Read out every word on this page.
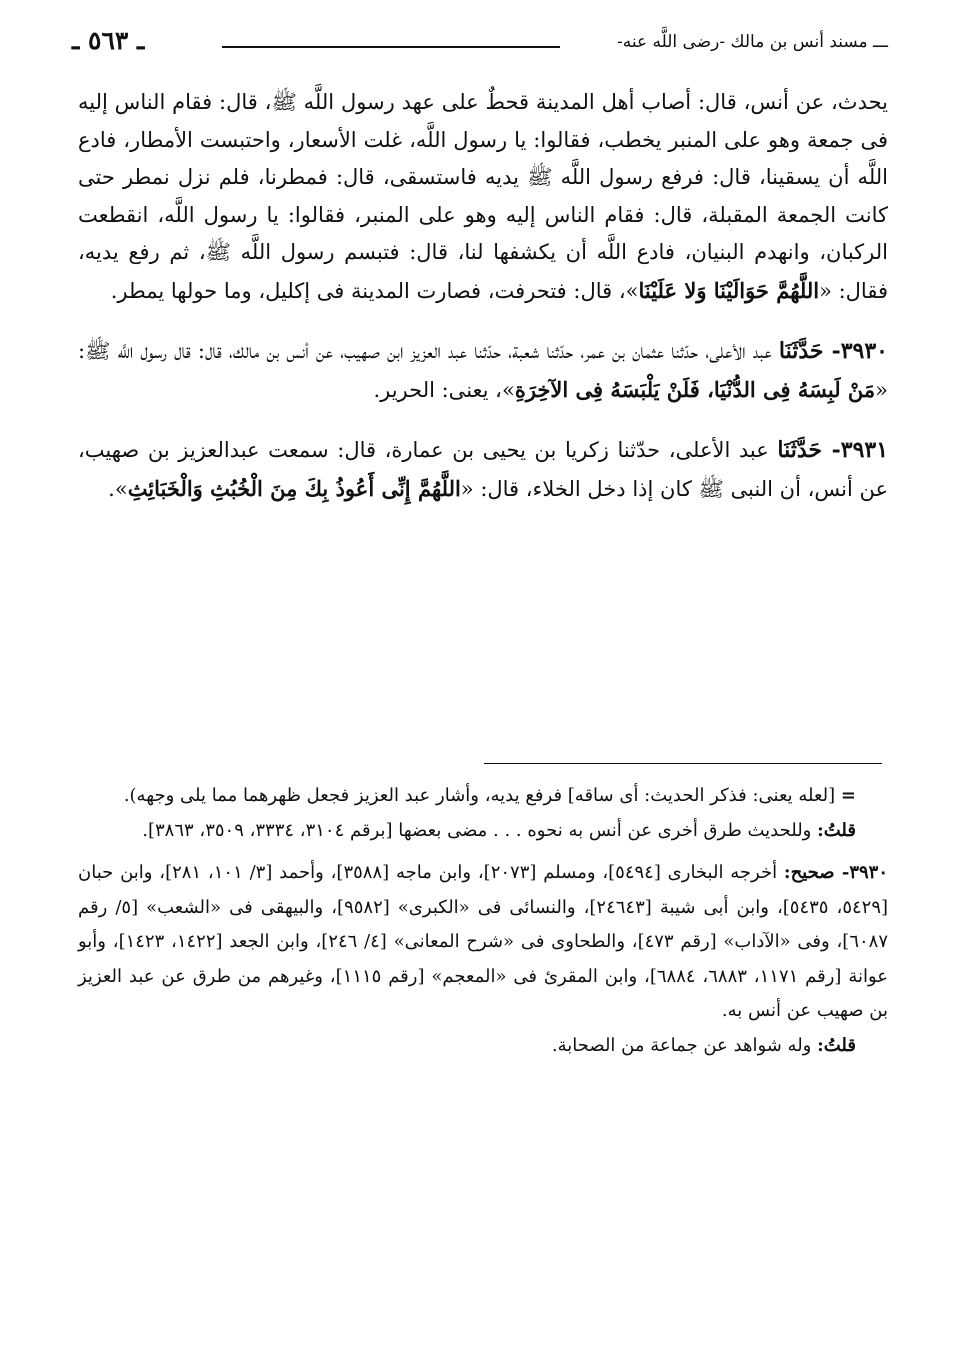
ـــ مسند أنس بن مالك -رضى اللَّه عنه-
ـ ٥٦٣ ـ

يحدث، عن أنس، قال: أصاب أهل المدينة قحطٌ على عهد رسول اللَّه ﷺ، قال: فقام الناس إليه فى جمعة وهو على المنبر يخطب، فقالوا: يا رسول اللَّه، غلت الأسعار، واحتبست الأمطار، فادع اللَّه أن يسقينا، قال: فرفع رسول اللَّه ﷺ يديه فاستسقى، قال: فمطرنا، فلم نزل نمطر حتى كانت الجمعة المقبلة، قال: فقام الناس إليه وهو على المنبر، فقالوا: يا رسول اللَّه، انقطعت الركبان، وانهدم البنيان، فادع اللَّه أن يكشفها لنا، قال: فتبسم رسول اللَّه ﷺ، ثم رفع يديه، فقال: «اللَّهُمَّ حَوَالَيْنَا وَلا عَلَيْنَا»، قال: فتحرفت، فصارت المدينة فى إكليل، وما حولها يمطر.

٣٩٣٠- حَدَّثَنَا عبد الأعلى، حدّثنا عثمان بن عمر، حدّثنا شعبة، حدّثنا عبد العزيز ابن صهيب، عن أنس بن مالك، قال: قال رسول اللَّه ﷺ: «مَنْ لَبِسَهُ فِى الدُّنْيَا، فَلَنْ يَلْبَسَهُ فِى الآخِرَةِ»، يعنى: الحرير.

٣٩٣١- حَدَّثَنَا عبد الأعلى، حدّثنا زكريا بن يحيى بن عمارة، قال: سمعت عبدالعزيز بن صهيب، عن أنس، أن النبى ﷺ كان إذا دخل الخلاء، قال: «اللَّهُمَّ إِنِّى أَعُوذُ بِكَ مِنَ الْخُبُثِ وَالْخَبَائِثِ».

= [لعله يعنى: فذكر الحديث: أى ساقه] فرفع يديه، وأشار عبد العزيز فجعل ظهرهما مما يلى وجهه).

قلتُ: وللحديث طرق أخرى عن أنس به نحوه . . . مضى بعضها [برقم ٣١٠٤، ٣٣٣٤، ٣٥٠٩، ٣٨٦٣].

٣٩٣٠- صحيح: أخرجه البخارى [٥٤٩٤]، ومسلم [٢٠٧٣]، وابن ماجه [٣٥٨٨]، وأحمد [٣/ ١٠١، ٢٨١]، وابن حبان [٥٤٢٩، ٥٤٣٥]، وابن أبى شيبة [٢٤٦٤٣]، والنسائى فى «الكبرى» [٩٥٨٢]، والبيهقى فى «الشعب» [٥/ رقم ٦٠٨٧]، وفى «الآداب» [رقم ٤٧٣]، والطحاوى فى «شرح المعانى» [٤/ ٢٤٦]، وابن الجعد [١٤٢٢، ١٤٢٣]، وأبو عوانة [رقم ١١٧١، ٦٨٨٣، ٦٨٨٤]، وابن المقرئ فى «المعجم» [رقم ١١١٥]، وغيرهم من طرق عن عبد العزيز بن صهيب عن أنس به.

قلتُ: وله شواهد عن جماعة من الصحابة.
